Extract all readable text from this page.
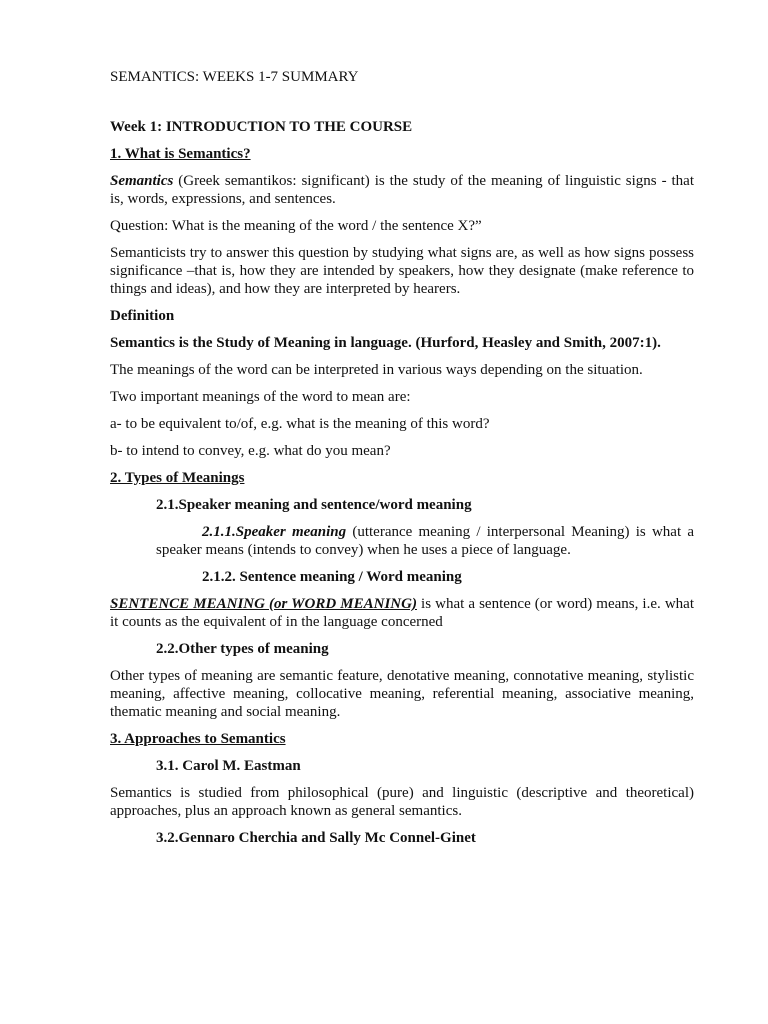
SEMANTICS: WEEKS 1-7 SUMMARY

Week 1: INTRODUCTION TO THE COURSE

1. What is Semantics?

Semantics (Greek semantikos: significant) is the study of the meaning of linguistic signs - that is, words, expressions, and sentences.

Question: What is the meaning of the word / the sentence X?”

Semanticists try to answer this question by studying what signs are, as well as how signs possess significance –that is, how they are intended by speakers, how they designate (make reference to things and ideas), and how they are interpreted by hearers.

Definition

Semantics is the Study of Meaning in language. (Hurford, Heasley and Smith, 2007:1).

The meanings of the word can be interpreted in various ways depending on the situation.

Two important meanings of the word to mean are:

a- to be equivalent to/of, e.g. what is the meaning of this word?

b- to intend to convey, e.g. what do you mean?

2. Types of Meanings

2.1.Speaker meaning and sentence/word meaning

2.1.1.Speaker meaning (utterance meaning / interpersonal Meaning) is what a speaker means (intends to convey) when he uses a piece of language.

2.1.2. Sentence meaning / Word meaning

SENTENCE MEANING (or WORD MEANING) is what a sentence (or word) means, i.e. what it counts as the equivalent of in the language concerned

2.2.Other types of meaning

Other types of meaning are semantic feature, denotative meaning, connotative meaning, stylistic meaning, affective meaning, collocative meaning, referential meaning, associative meaning, thematic meaning and social meaning.

3. Approaches to Semantics

3.1. Carol M. Eastman

Semantics is studied from philosophical (pure) and linguistic (descriptive and theoretical) approaches, plus an approach known as general semantics.

3.2.Gennaro Cherchia and Sally Mc Connel-Ginet
